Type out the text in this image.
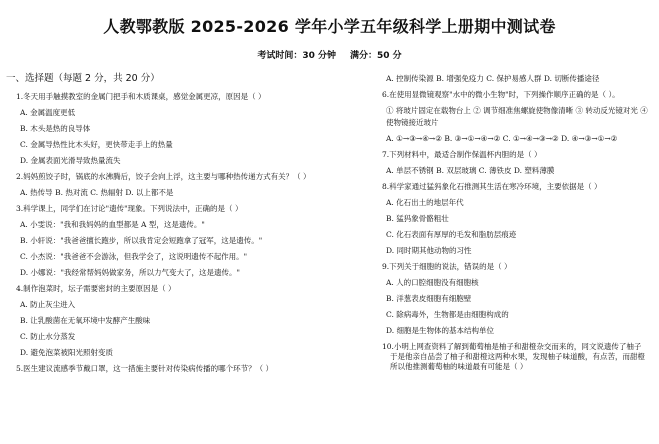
人教鄂教版 2025-2026 学年小学五年级科学上册期中测试卷
考试时间：30 分钟 满分：50 分
一、选择题（每题 2 分，共 20 分）
1.冬天用手触摸教室的金属门把手和木质课桌，感觉金属更凉，原因是（ ）
A. 金属温度更低
B. 木头是热的良导体
C. 金属导热性比木头好，更快带走手上的热量
D. 金属表面光滑导致热量流失
2.妈妈煎饺子时，锅底的水沸腾后，饺子会向上浮，这主要与哪种热传递方式有关？（ ）
A. 热传导 B. 热对流 C. 热辐射 D. 以上都不是
3.科学课上，同学们在讨论"遗传"现象。下列说法中，正确的是（ ）
A. 小雯说："我和我妈妈的血型都是 A 型，这是遗传。"
B. 小轩说："我爸爸擅长跑步，所以我肯定会短跑拿了冠军，这是遗传。"
C. 小杰说："我爸爸不会游泳，但我学会了，这说明遗传不起作用。"
D. 小娜说："我经常帮妈妈做家务，所以力气变大了，这是遗传。"
4.制作泡菜时，坛子需要密封的主要原因是（ ）
A. 防止灰尘进入
B. 让乳酸菌在无氧环境中发酵产生酸味
C. 防止水分蒸发
D. 避免泡菜被阳光照射变质
5.医生建议流感季节戴口罩，这一措施主要针对传染病传播的哪个环节？（ ）
A. 控制传染源 B. 增强免疫力 C. 保护易感人群 D. 切断传播途径
6.在使用显微镜观察"水中的微小生物"时，下列操作顺序正确的是（ ）。
① 将玻片固定在载物台上 ② 调节细准焦螺旋使物像清晰 ③ 转动反光镜对光 ④
使物镜接近玻片
A. ①→③→④→② B. ③→①→④→② C. ①→④→③→② D. ④→③→①→②
7.下列材料中，最适合制作保温杯内胆的是（ ）
A. 单层不锈钢 B. 双层玻璃 C. 薄铁皮 D. 塑料薄膜
8.科学家通过猛犸象化石推测其生活在寒冷环境，主要依据是（ ）
A. 化石出土的地层年代
B. 猛犸象骨骼粗壮
C. 化石表面有厚厚的毛发和脂肪层痕迹
D. 同时期其他动物的习性
9.下列关于细胞的说法，错误的是（ ）
A. 人的口腔细胞没有细胞核
B. 洋葱表皮细胞有细胞壁
C. 除病毒外，生物都是由细胞构成的
D. 细胞是生物体的基本结构单位
10.小明上网查资料了解到葡萄柚是柚子和甜橙杂交而来的，同文说遗传了柚子
于是他亲自品尝了柚子和甜橙这两种水果，发现柚子味道酸，有点苦，而甜橙
所以他推测葡萄柚的味道最有可能是（ ）
